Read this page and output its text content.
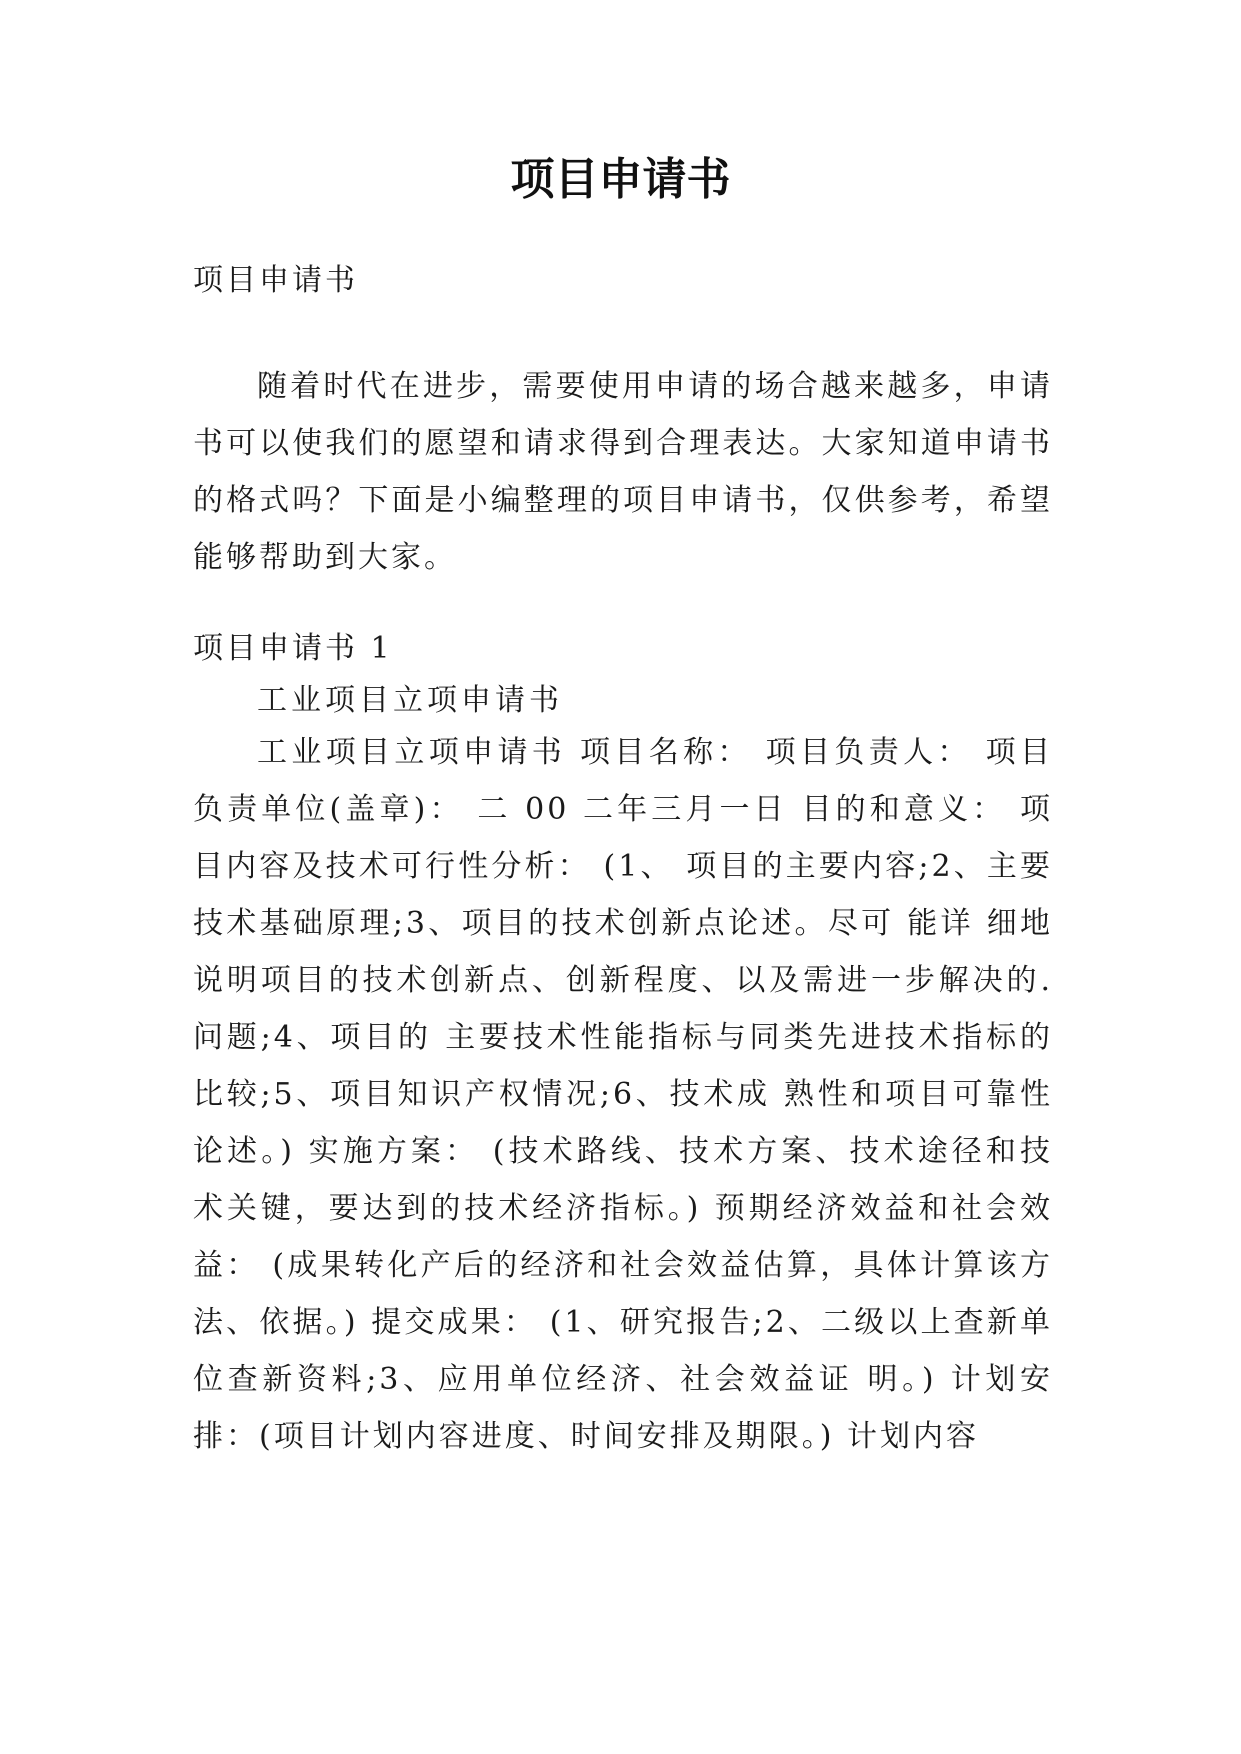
项目申请书

项目申请书

随着时代在进步，需要使用申请的场合越来越多，申请书可以使我们的愿望和请求得到合理表达。大家知道申请书的格式吗？下面是小编整理的项目申请书，仅供参考，希望能够帮助到大家。

项目申请书 1

工业项目立项申请书

工业项目立项申请书 项目名称： 项目负责人： 项目负责单位(盖章)： 二 00 二年三月一日 目的和意义： 项目内容及技术可行性分析： (1、 项目的主要内容;2、主要技术基础原理;3、项目的技术创新点论述。尽可 能详 细地说明项目的技术创新点、创新程度、以及需进一步解决的.问题;4、项目的 主要技术性能指标与同类先进技术指标的比较;5、项目知识产权情况;6、技术成 熟性和项目可靠性论述。) 实施方案： (技术路线、技术方案、技术途径和技术关键，要达到的技术经济指标。) 预期经济效益和社会效益： (成果转化产后的经济和社会效益估算，具体计算该方法、依据。) 提交成果： (1、研究报告;2、二级以上查新单位查新资料;3、应用单位经济、社会效益证 明。) 计划安排：(项目计划内容进度、时间安排及期限。) 计划内容
